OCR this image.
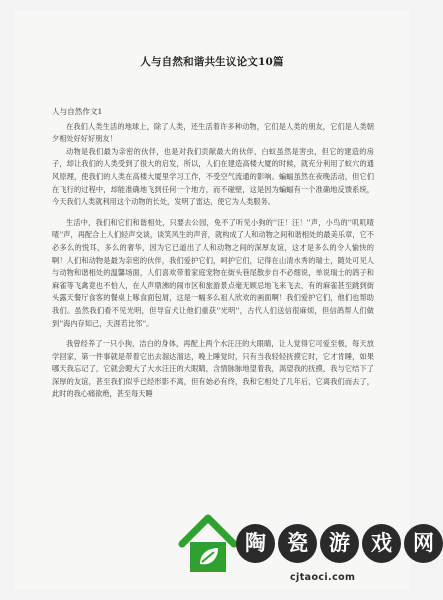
人与自然和谐共生议论文10篇

人与自然作文1

在我们人类生活的地球上，除了人类，还生活着许多种动物，它们是人类的朋友，它们是人类朝夕相处好好好朋友！

动物是我们最为亲密的伙伴，也是对我们贡献最大的伙伴，白蚁虽然是害虫，但它的建造的房子，却让我们的人类受到了很大的启发，所以，人们在建造高楼大厦的时候，就充分利用了蚁穴的通风原理，使我们的人类在高楼大厦里学习工作，不受空气流通的影响。蝙蝠虽然在夜晚活动，但它们在飞行的过程中，却能准确地飞到任何一个地方，而不碰壁，这是因为蝙蝠有一个准确地反馈系统，今天我们人类就利用这个动物的长处，发明了雷达，使它为人类服务。

生活中，我们和它们和谐相处，只要去公园，免不了听见小狗的''汪！汪！''声，小鸟的''叽叽喳喳''声，再配合上人们轻声交谈，谈笑风生的声音，就构成了人和动物之间和谐相处的最美乐章，它不必多么的悦耳，多么的奢华，因为它已道出了人和动物之间的深厚友谊，这才是多么的令人愉快的啊！人们和动物是最为亲密的伙伴，我们爱护它们，呵护它们，记得在山清水秀的瑞士，随处可见人与动物和谐相处的温馨场面，人们喜欢带着家庭宠物在街头巷尾散步自不必细说，单说瑞士的鸽子和麻雀等飞禽竟也不怕人，在人声鼎沸的闹市区和旅游景点毫无顾忌地飞来飞去，有的麻雀甚至跳到街头露天餐厅食客的餐桌上啄食面包屑，这是一幅多么祖人欣欢的画面啊！我们爱护它们，他们也帮助我们。虽然我们看不见光明，但导盲犬让他们重获''光明''，古代人们送信很麻烦，但信鸽帮人们做到''海内存知己，天涯若比邻''。

我曾经养了一只小狗，洁白的身体，再配上两个水汪汪的大眼睛，让人觉得它可爱至极，每天放学回家，第一件事就是带着它出去溜达溜达，晚上睡觉时，只有当我轻轻抚摸它时，它才肯睡，如果哪天我忘记了，它就会瞪大了大水汪汪的大眼睛，含情脉脉地望着我，渴望我的抚摸，我与它结下了深厚的友谊，甚至我们似乎已经形影不离，但有始必有终，我和它相处了几年后，它离我们而去了，此时的我心痛欲绝，甚至每天睡

陶	瓷	游	戏	网
cjtaoci.com
